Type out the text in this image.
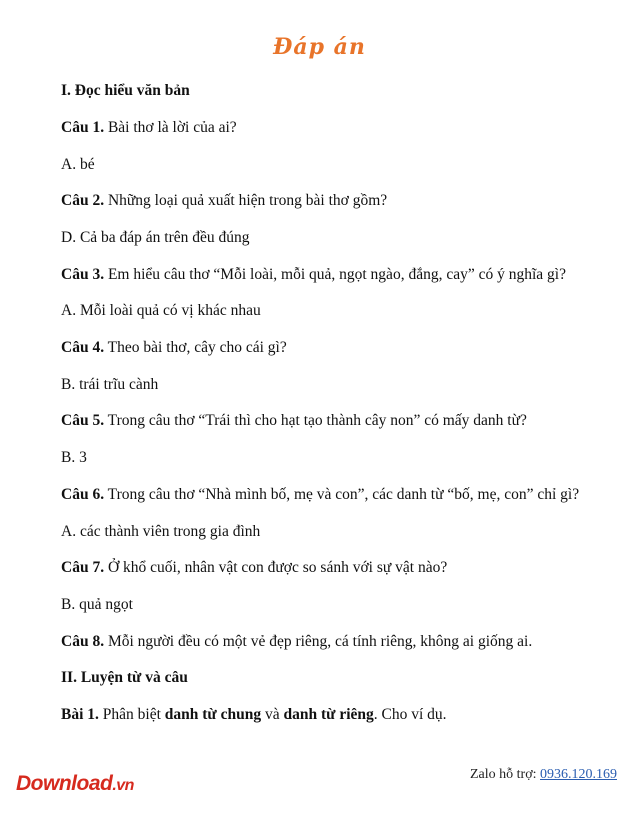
Đáp án
I. Đọc hiểu văn bản
Câu 1. Bài thơ là lời của ai?
A. bé
Câu 2. Những loại quả xuất hiện trong bài thơ gồm?
D. Cả ba đáp án trên đều đúng
Câu 3. Em hiểu câu thơ “Mỗi loài, mỗi quả, ngọt ngào, đắng, cay” có ý nghĩa gì?
A. Mỗi loài quả có vị khác nhau
Câu 4. Theo bài thơ, cây cho cái gì?
B. trái trĩu cành
Câu 5. Trong câu thơ “Trái thì cho hạt tạo thành cây non” có mấy danh từ?
B. 3
Câu 6. Trong câu thơ “Nhà mình bố, mẹ và con”, các danh từ “bố, mẹ, con” chỉ gì?
A. các thành viên trong gia đình
Câu 7. Ở khổ cuối, nhân vật con được so sánh với sự vật nào?
B. quả ngọt
Câu 8. Mỗi người đều có một vẻ đẹp riêng, cá tính riêng, không ai giống ai.
II. Luyện từ và câu
Bài 1. Phân biệt danh từ chung và danh từ riêng. Cho ví dụ.
Download.vn
Zalo hỗ trợ: 0936.120.169
